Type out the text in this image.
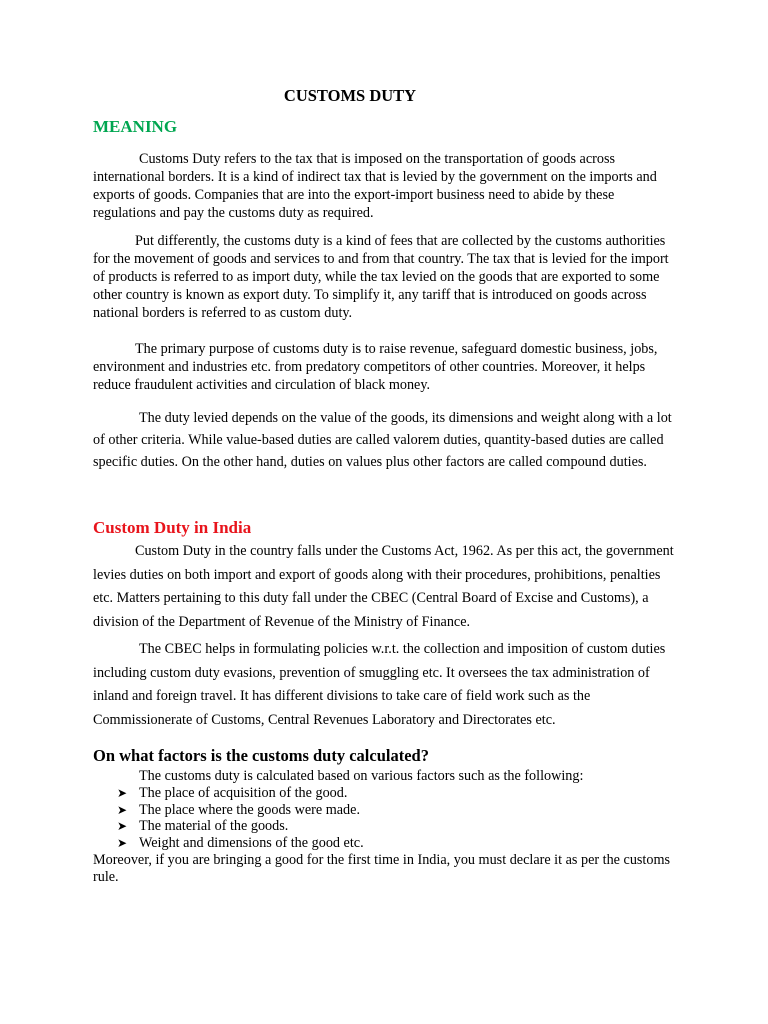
CUSTOMS DUTY
MEANING

Customs Duty refers to the tax that is imposed on the transportation of goods across international borders. It is a kind of indirect tax that is levied by the government on the imports and exports of goods. Companies that are into the export-import business need to abide by these regulations and pay the customs duty as required.

Put differently, the customs duty is a kind of fees that are collected by the customs authorities for the movement of goods and services to and from that country. The tax that is levied for the import of products is referred to as import duty, while the tax levied on the goods that are exported to some other country is known as export duty. To simplify it, any tariff that is introduced on goods across national borders is referred to as custom duty.

The primary purpose of customs duty is to raise revenue, safeguard domestic business, jobs, environment and industries etc. from predatory competitors of other countries. Moreover, it helps reduce fraudulent activities and circulation of black money.

The duty levied depends on the value of the goods, its dimensions and weight along with a lot of other criteria. While value-based duties are called valorem duties, quantity-based duties are called specific duties. On the other hand, duties on values plus other factors are called compound duties.

Custom Duty in India

Custom Duty in the country falls under the Customs Act, 1962. As per this act, the government levies duties on both import and export of goods along with their procedures, prohibitions, penalties etc. Matters pertaining to this duty fall under the CBEC (Central Board of Excise and Customs), a division of the Department of Revenue of the Ministry of Finance.

The CBEC helps in formulating policies w.r.t. the collection and imposition of custom duties including custom duty evasions, prevention of smuggling etc. It oversees the tax administration of inland and foreign travel. It has different divisions to take care of field work such as the Commissionerate of Customs, Central Revenues Laboratory and Directorates etc.

On what factors is the customs duty calculated?

The customs duty is calculated based on various factors such as the following:

➤ The place of acquisition of the good.
➤ The place where the goods were made.
➤ The material of the goods.
➤ Weight and dimensions of the good etc.

Moreover, if you are bringing a good for the first time in India, you must declare it as per the customs rule.
